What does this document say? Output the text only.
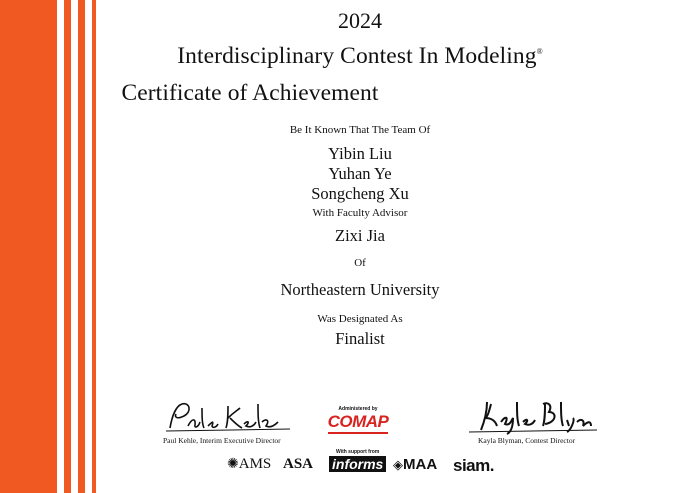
2024
Interdisciplinary Contest In Modeling®
Certificate of Achievement
Be It Known That The Team Of
Yibin Liu
Yuhan Ye
Songcheng Xu
With Faculty Advisor
Zixi Jia
Of
Northeastern University
Was Designated As
Finalist
Paul Kehle, Interim Executive Director
Administered by
COMAP
Kayla Blyman, Contest Director
With support from
✺AMS ASA informs ◈MAA siam.
